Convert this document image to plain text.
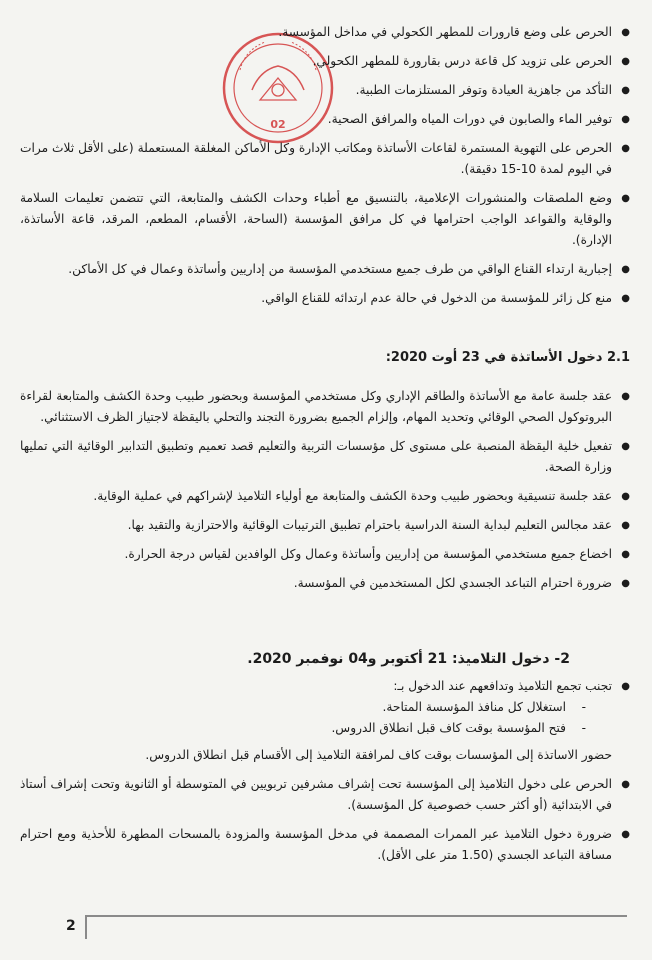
02
● الحرص على وضع قارورات للمطهر الكحولي في مداخل المؤسسة.
● الحرص على تزويد كل قاعة درس بقارورة للمطهر الكحولي.
● التأكد من جاهزية العيادة وتوفر المستلزمات الطبية.
● توفير الماء والصابون في دورات المياه والمرافق الصحية.
● الحرص على التهوية المستمرة لقاعات الأساتذة ومكاتب الإدارة وكل الأماكن المغلقة المستعملة (على الأقل ثلاث مرات في اليوم لمدة 10-15 دقيقة).
● وضع الملصقات والمنشورات الإعلامية، بالتنسيق مع أطباء وحدات الكشف والمتابعة، التي تتضمن تعليمات السلامة والوقاية والقواعد الواجب احترامها في كل مرافق المؤسسة (الساحة، الأقسام، المطعم، المرقد، قاعة الأساتذة، الإدارة).
● إجبارية ارتداء القناع الواقي من طرف جميع مستخدمي المؤسسة من إداريين وأساتذة وعمال في كل الأماكن.
● منع كل زائر للمؤسسة من الدخول في حالة عدم ارتدائه للقناع الواقي.
2.1 دخول الأساتذة في 23 أوت 2020:
● عقد جلسة عامة مع الأساتذة والطاقم الإداري وكل مستخدمي المؤسسة وبحضور طبيب وحدة الكشف والمتابعة لقراءة البروتوكول الصحي الوقائي وتحديد المهام، وإلزام الجميع بضرورة التجند والتحلي باليقظة لاجتياز الظرف الاستثنائي.
● تفعيل خلية اليقظة المنصبة على مستوى كل مؤسسات التربية والتعليم قصد تعميم وتطبيق التدابير الوقائية التي تمليها وزارة الصحة.
● عقد جلسة تنسيقية وبحضور طبيب وحدة الكشف والمتابعة مع أولياء التلاميذ لإشراكهم في عملية الوقاية.
● عقد مجالس التعليم لبداية السنة الدراسية باحترام تطبيق الترتيبات الوقائية والاحترازية والتقيد بها.
● اخضاع جميع مستخدمي المؤسسة من إداريين وأساتذة وعمال وكل الوافدين لقياس درجة الحرارة.
● ضرورة احترام التباعد الجسدي لكل المستخدمين في المؤسسة.
2- دخول التلاميذ: 21 أكتوبر و04 نوفمبر 2020.
● تجنب تجمع التلاميذ وتدافعهم عند الدخول بـ:
- استغلال كل منافذ المؤسسة المتاحة.
- فتح المؤسسة بوقت كاف قبل انطلاق الدروس.
حضور الاساتذة إلى المؤسسات بوقت كاف لمرافقة التلاميذ إلى الأقسام قبل انطلاق الدروس.
● الحرص على دخول التلاميذ إلى المؤسسة تحت إشراف مشرفين تربويين في المتوسطة أو الثانوية وتحت إشراف أستاذ في الابتدائية (أو أكثر حسب خصوصية كل المؤسسة).
● ضرورة دخول التلاميذ عبر الممرات المصممة في مدخل المؤسسة والمزودة بالمسحات المطهرة للأحذية ومع احترام مسافة التباعد الجسدي (1.50 متر على الأقل).
2
